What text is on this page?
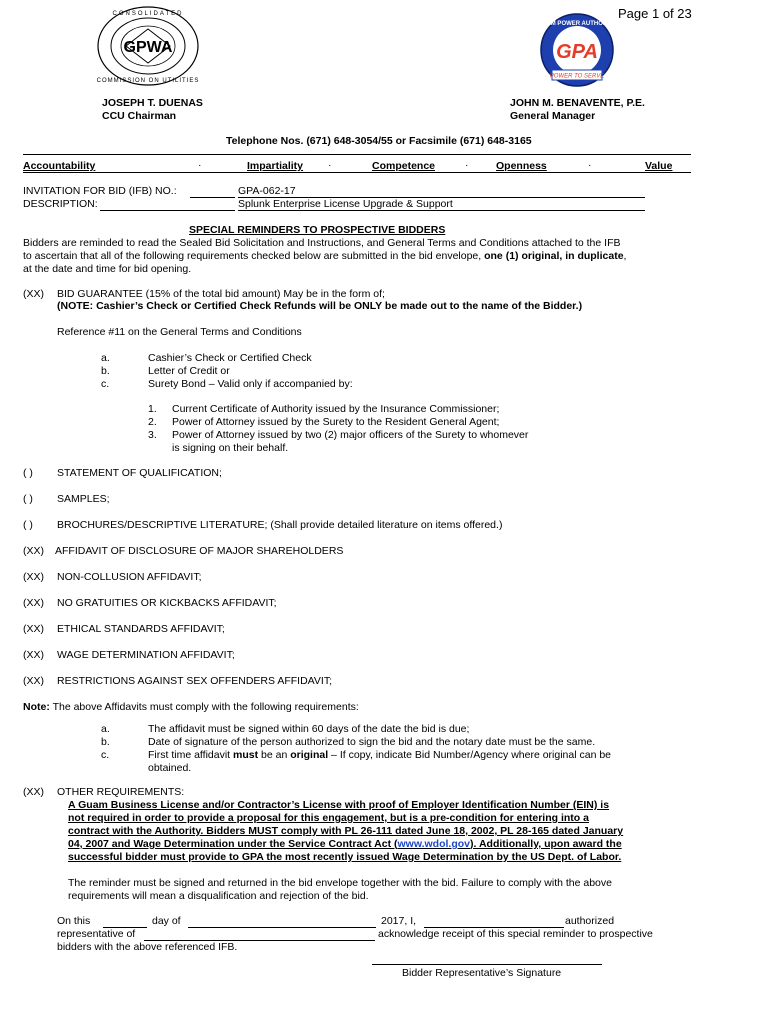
Page 1 of 23
GPWA
CONSOLIDATED
COMMISSION ON UTILITIES
GPA
GUAM POWER AUTHORITY
POWER TO SERVE
JOSEPH T. DUENAS
CCU Chairman
JOHN M. BENAVENTE, P.E.
General Manager
Telephone Nos. (671) 648-3054/55 or Facsimile (671) 648-3165
Accountability	·	Impartiality ·	Competence	·	Openness	·	Value
INVITATION FOR BID (IFB) NO.:	GPA-062-17
DESCRIPTION:	Splunk Enterprise License Upgrade & Support
SPECIAL REMINDERS TO PROSPECTIVE BIDDERS
Bidders are reminded to read the Sealed Bid Solicitation and Instructions, and General Terms and Conditions attached to the IFB
to ascertain that all of the following requirements checked below are submitted in the bid envelope, one (1) original, in duplicate,
at the date and time for bid opening.
(XX) BID GUARANTEE (15% of the total bid amount) May be in the form of;
(NOTE: Cashier’s Check or Certified Check Refunds will be ONLY be made out to the name of the Bidder.)
Reference #11 on the General Terms and Conditions
a.	Cashier’s Check or Certified Check
b.	Letter of Credit or
c.	Surety Bond – Valid only if accompanied by:
1. Current Certificate of Authority issued by the Insurance Commissioner;
2. Power of Attorney issued by the Surety to the Resident General Agent;
3. Power of Attorney issued by two (2) major officers of the Surety to whomever
is signing on their behalf.
( ) STATEMENT OF QUALIFICATION;
( ) SAMPLES;
( ) BROCHURES/DESCRIPTIVE LITERATURE; (Shall provide detailed literature on items offered.)
(XX) AFFIDAVIT OF DISCLOSURE OF MAJOR SHAREHOLDERS
(XX) NON-COLLUSION AFFIDAVIT;
(XX) NO GRATUITIES OR KICKBACKS AFFIDAVIT;
(XX) ETHICAL STANDARDS AFFIDAVIT;
(XX) WAGE DETERMINATION AFFIDAVIT;
(XX) RESTRICTIONS AGAINST SEX OFFENDERS AFFIDAVIT;
Note: The above Affidavits must comply with the following requirements:
a.	The affidavit must be signed within 60 days of the date the bid is due;
b.	Date of signature of the person authorized to sign the bid and the notary date must be the same.
c.	First time affidavit must be an original – If copy, indicate Bid Number/Agency where original can be
obtained.
(XX) OTHER REQUIREMENTS:
A Guam Business License and/or Contractor’s License with proof of Employer Identification Number (EIN) is
not required in order to provide a proposal for this engagement, but is a pre-condition for entering into a
contract with the Authority. Bidders MUST comply with PL 26-111 dated June 18, 2002, PL 28-165 dated January
04, 2007 and Wage Determination under the Service Contract Act (www.wdol.gov). Additionally, upon award the
successful bidder must provide to GPA the most recently issued Wage Determination by the US Dept. of Labor.
The reminder must be signed and returned in the bid envelope together with the bid. Failure to comply with the above
requirements will mean a disqualification and rejection of the bid.
On this	day of	2017, I,	authorized
representative of	acknowledge receipt of this special reminder to prospective
bidders with the above referenced IFB.
Bidder Representative’s Signature
